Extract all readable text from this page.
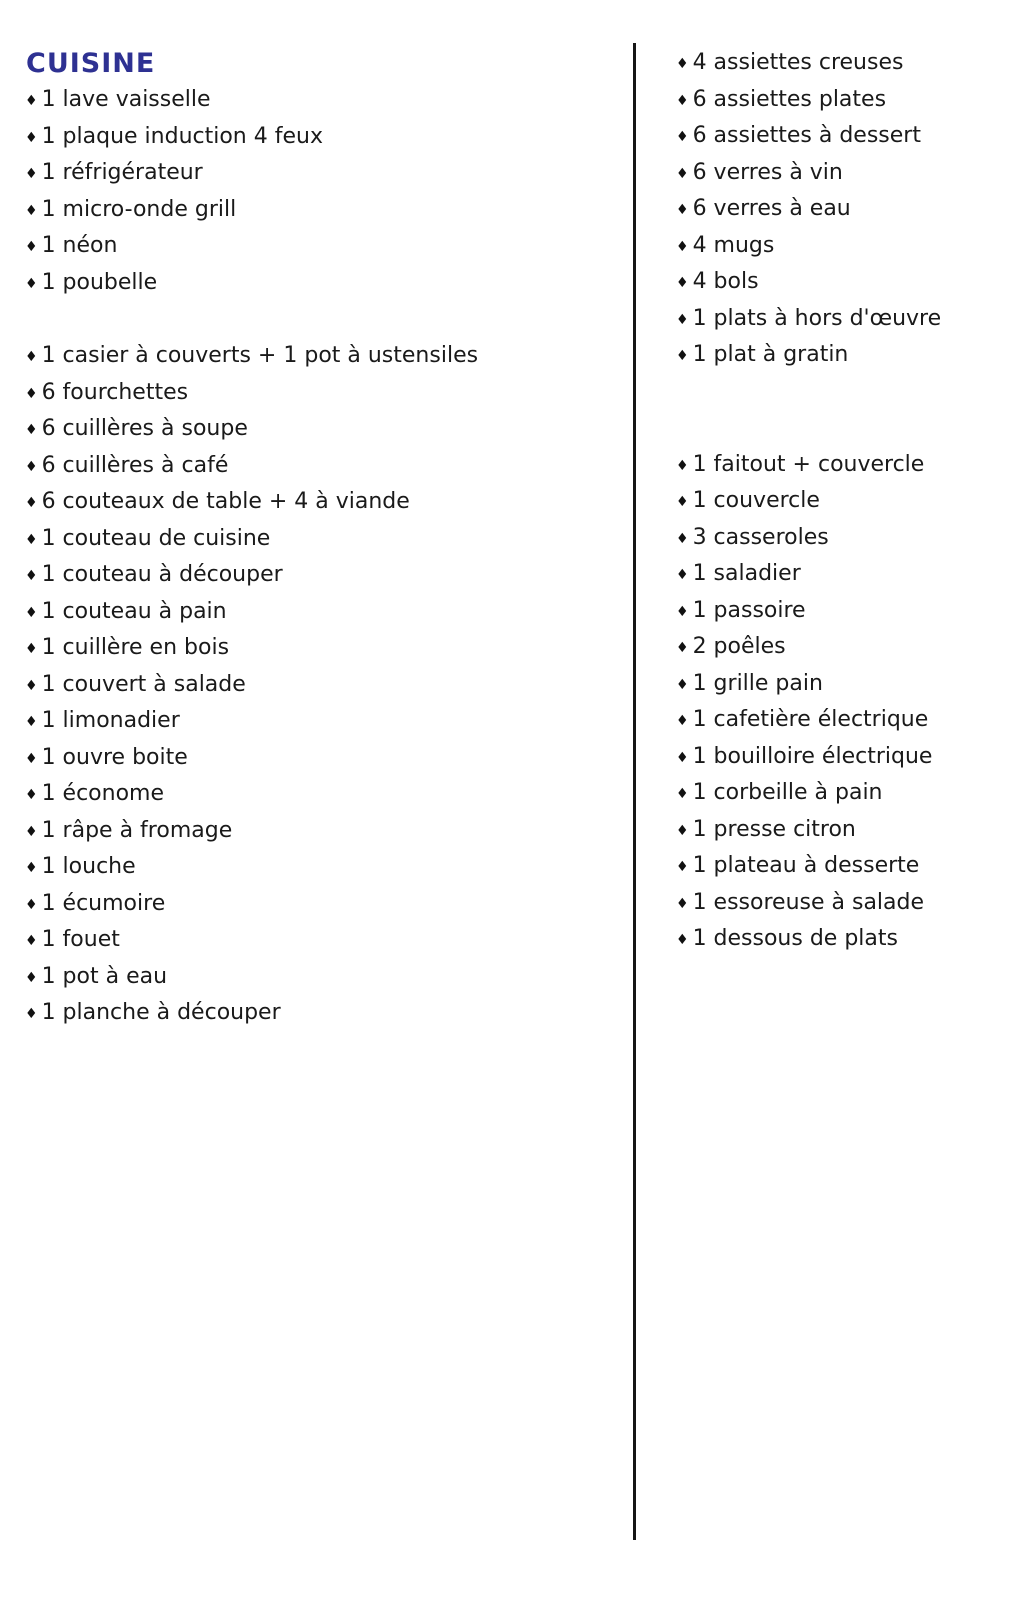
CUISINE
♦ 1 lave vaisselle
♦ 1 plaque induction 4 feux
♦ 1 réfrigérateur
♦ 1 micro-onde grill
♦ 1 néon
♦ 1 poubelle
♦ 1 casier à couverts + 1 pot à ustensiles
♦ 6 fourchettes
♦ 6 cuillères à soupe
♦ 6 cuillères à café
♦ 6 couteaux de table + 4 à viande
♦ 1 couteau de cuisine
♦ 1 couteau à découper
♦ 1 couteau à pain
♦ 1 cuillère en bois
♦ 1 couvert à salade
♦ 1 limonadier
♦ 1 ouvre boite
♦ 1 économe
♦ 1 râpe à fromage
♦ 1 louche
♦ 1 écumoire
♦ 1 fouet
♦ 1 pot à eau
♦ 1 planche à découper
♦ 4 assiettes creuses
♦ 6 assiettes plates
♦ 6 assiettes à dessert
♦ 6 verres à vin
♦ 6 verres à eau
♦ 4 mugs
♦ 4 bols
♦ 1 plats à hors d'œuvre
♦ 1 plat à gratin
♦ 1 faitout + couvercle
♦ 1 couvercle
♦ 3 casseroles
♦ 1 saladier
♦ 1 passoire
♦ 2 poêles
♦ 1 grille pain
♦ 1 cafetière électrique
♦ 1 bouilloire électrique
♦ 1 corbeille à pain
♦ 1 presse citron
♦ 1 plateau à desserte
♦ 1 essoreuse à salade
♦ 1 dessous de plats
